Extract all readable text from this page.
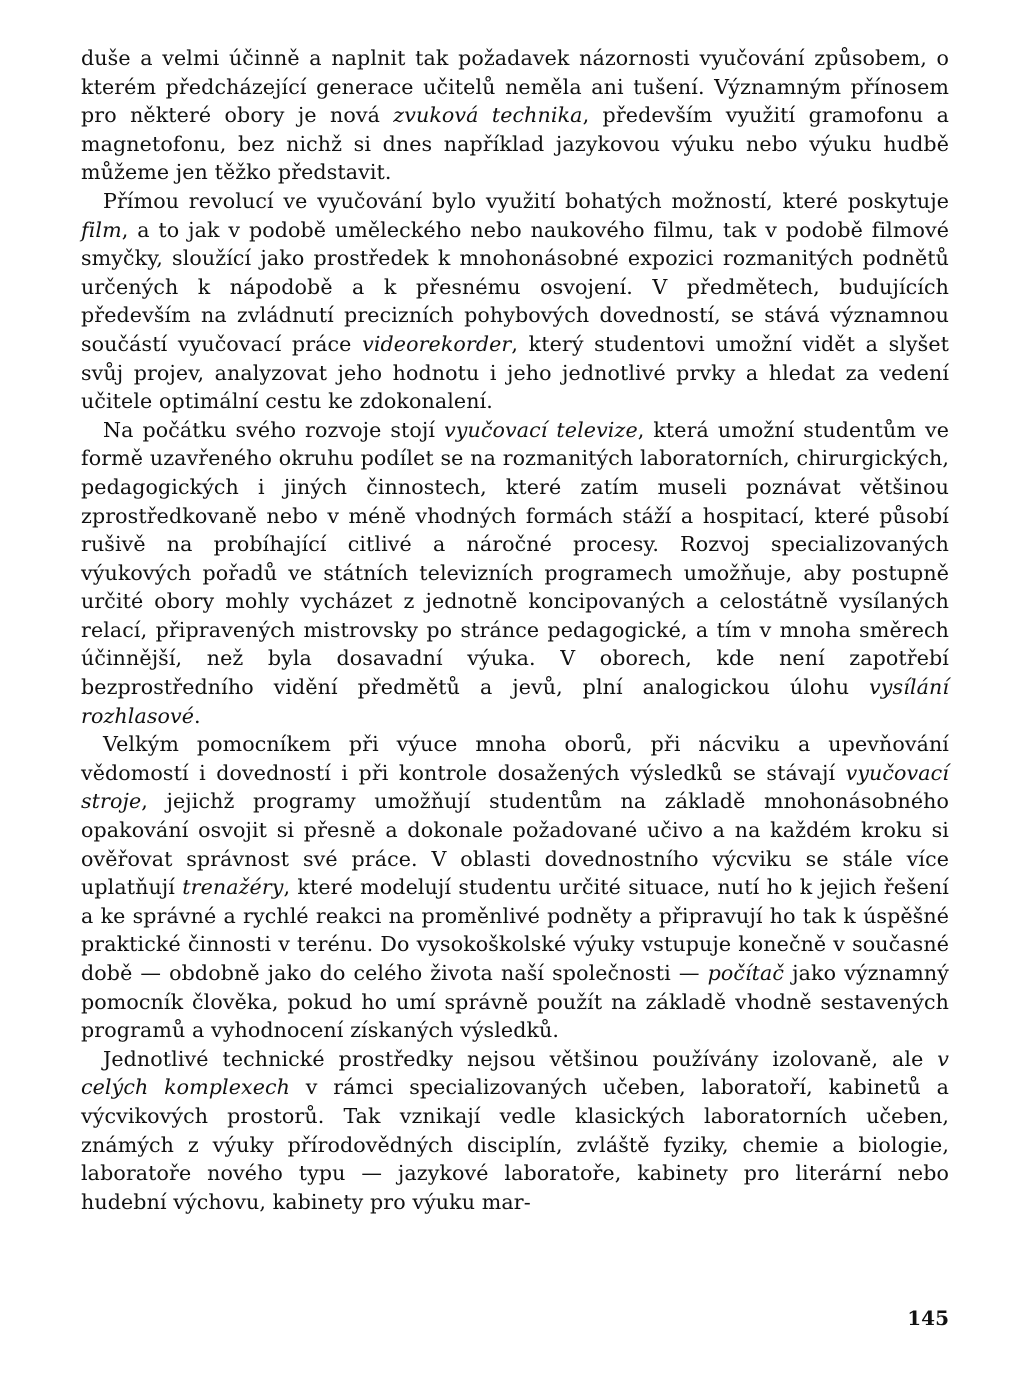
duše a velmi účinně a naplnit tak požadavek názornosti vyučování způsobem, o kterém předcházející generace učitelů neměla ani tušení. Významným přínosem pro některé obory je nová zvuková technika, především využití gramofonu a magnetofonu, bez nichž si dnes například jazykovou výuku nebo výuku hudbě můžeme jen těžko představit.

Přímou revolucí ve vyučování bylo využití bohatých možností, které poskytuje film, a to jak v podobě uměleckého nebo naukového filmu, tak v podobě filmové smyčky, sloužící jako prostředek k mnohonásobné expozici rozmanitých podnětů určených k nápodobě a k přesnému osvojení. V předmětech, budujících především na zvládnutí precizních pohybových dovedností, se stává významnou součástí vyučovací práce videorekorder, který studentovi umožní vidět a slyšet svůj projev, analyzovat jeho hodnotu i jeho jednotlivé prvky a hledat za vedení učitele optimální cestu ke zdokonalení.

Na počátku svého rozvoje stojí vyučovací televize, která umožní studentům ve formě uzavřeného okruhu podílet se na rozmanitých laboratorních, chirurgických, pedagogických i jiných činnostech, které zatím museli poznávat většinou zprostředkovaně nebo v méně vhodných formách stáží a hospitací, které působí rušivě na probíhající citlivé a náročné procesy. Rozvoj specializovaných výukových pořadů ve státních televizních programech umožňuje, aby postupně určité obory mohly vycházet z jednotně koncipovaných a celostátně vysílaných relací, připravených mistrovsky po stránce pedagogické, a tím v mnoha směrech účinnější, než byla dosavadní výuka. V oborech, kde není zapotřebí bezprostředního vidění předmětů a jevů, plní analogickou úlohu vysílání rozhlasové.

Velkým pomocníkem při výuce mnoha oborů, při nácviku a upevňování vědomostí i dovedností i při kontrole dosažených výsledků se stávají vyučovací stroje, jejichž programy umožňují studentům na základě mnohonásobného opakování osvojit si přesně a dokonale požadované učivo a na každém kroku si ověřovat správnost své práce. V oblasti dovednostního výcviku se stále více uplatňují trenažéry, které modelují studentu určité situace, nutí ho k jejich řešení a ke správné a rychlé reakci na proměnlivé podněty a připravují ho tak k úspěšné praktické činnosti v terénu. Do vysokoškolské výuky vstupuje konečně v současné době — obdobně jako do celého života naší společnosti — počítač jako významný pomocník člověka, pokud ho umí správně použít na základě vhodně sestavených programů a vyhodnocení získaných výsledků.

Jednotlivé technické prostředky nejsou většinou používány izolovaně, ale v celých komplexech v rámci specializovaných učeben, laboratoří, kabinetů a výcvikových prostorů. Tak vznikají vedle klasických laboratorních učeben, známých z výuky přírodovědných disciplín, zvláště fyziky, chemie a biologie, laboratoře nového typu — jazykové laboratoře, kabinety pro literární nebo hudební výchovu, kabinety pro výuku mar-

145
